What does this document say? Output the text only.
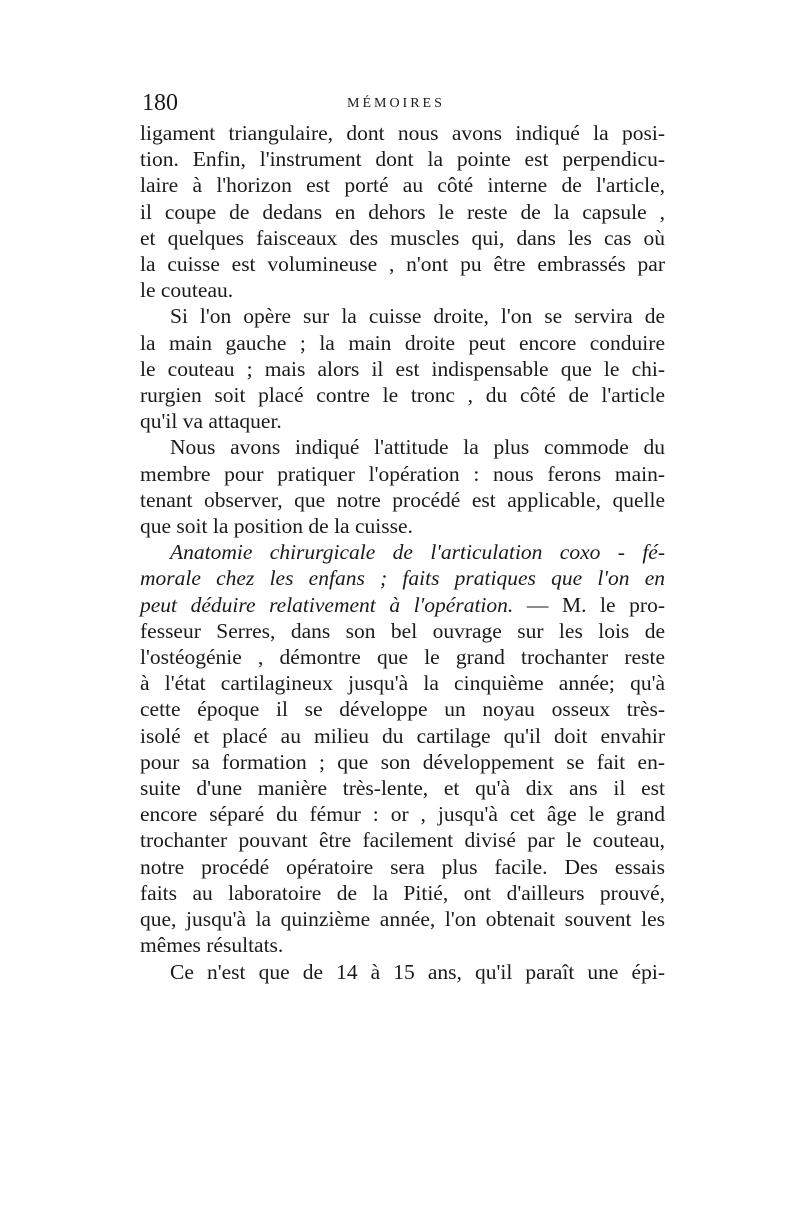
180	MÉMOIRES

ligament triangulaire, dont nous avons indiqué la posi-
tion. Enfin, l'instrument dont la pointe est perpendicu-
laire à l'horizon est porté au côté interne de l'article,
il coupe de dedans en dehors le reste de la capsule ,
et quelques faisceaux des muscles qui, dans les cas où
la cuisse est volumineuse , n'ont pu être embrassés par
le couteau.

Si l'on opère sur la cuisse droite, l'on se servira de
la main gauche ; la main droite peut encore conduire
le couteau ; mais alors il est indispensable que le chi-
rurgien soit placé contre le tronc , du côté de l'article
qu'il va attaquer.

Nous avons indiqué l'attitude la plus commode du
membre pour pratiquer l'opération : nous ferons main-
tenant observer, que notre procédé est applicable, quelle
que soit la position de la cuisse.

Anatomie chirurgicale de l'articulation coxo - fé-
morale chez les enfans ; faits pratiques que l'on en
peut déduire relativement à l'opération. — M. le pro-
fesseur Serres, dans son bel ouvrage sur les lois de
l'ostéogénie , démontre que le grand trochanter reste
à l'état cartilagineux jusqu'à la cinquième année; qu'à
cette époque il se développe un noyau osseux très-
isolé et placé au milieu du cartilage qu'il doit envahir
pour sa formation ; que son développement se fait en-
suite d'une manière très-lente, et qu'à dix ans il est
encore séparé du fémur : or , jusqu'à cet âge le grand
trochanter pouvant être facilement divisé par le couteau,
notre procédé opératoire sera plus facile. Des essais
faits au laboratoire de la Pitié, ont d'ailleurs prouvé,
que, jusqu'à la quinzième année, l'on obtenait souvent les
mêmes résultats.

Ce n'est que de 14 à 15 ans, qu'il paraît une épi-
